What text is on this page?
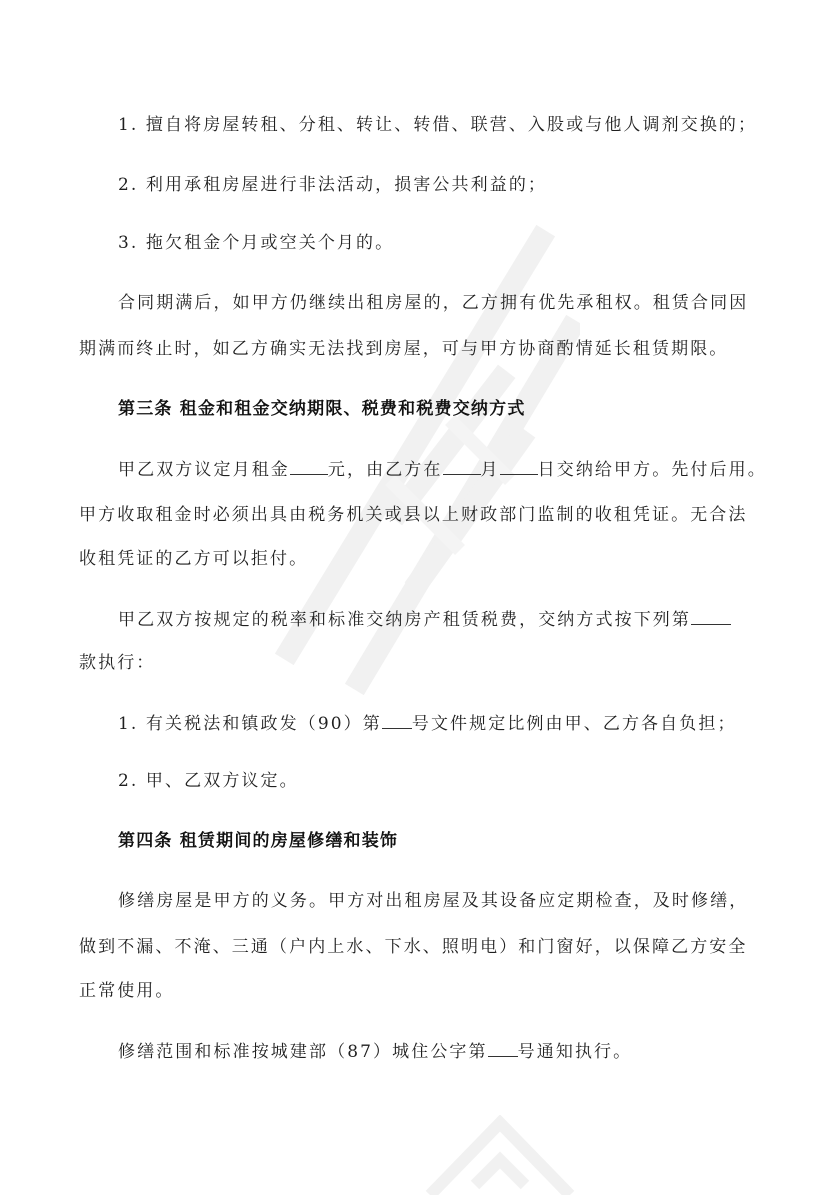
1. 擅自将房屋转租、分租、转让、转借、联营、入股或与他人调剂交换的；
2. 利用承租房屋进行非法活动，损害公共利益的；
3. 拖欠租金个月或空关个月的。
合同期满后，如甲方仍继续出租房屋的，乙方拥有优先承租权。租赁合同因
期满而终止时，如乙方确实无法找到房屋，可与甲方协商酌情延长租赁期限。
第三条 租金和租金交纳期限、税费和税费交纳方式
甲乙双方议定月租金 元，由乙方在 月 日交纳给甲方。先付后用。
甲方收取租金时必须出具由税务机关或县以上财政部门监制的收租凭证。无合法
收租凭证的乙方可以拒付。
甲乙双方按规定的税率和标准交纳房产租赁税费，交纳方式按下列第
款执行：
1. 有关税法和镇政发（90）第 号文件规定比例由甲、乙方各自负担；
2. 甲、乙双方议定。
第四条 租赁期间的房屋修缮和装饰
修缮房屋是甲方的义务。甲方对出租房屋及其设备应定期检查，及时修缮，
做到不漏、不淹、三通（户内上水、下水、照明电）和门窗好，以保障乙方安全
正常使用。
修缮范围和标准按城建部（87）城住公字第 号通知执行。
